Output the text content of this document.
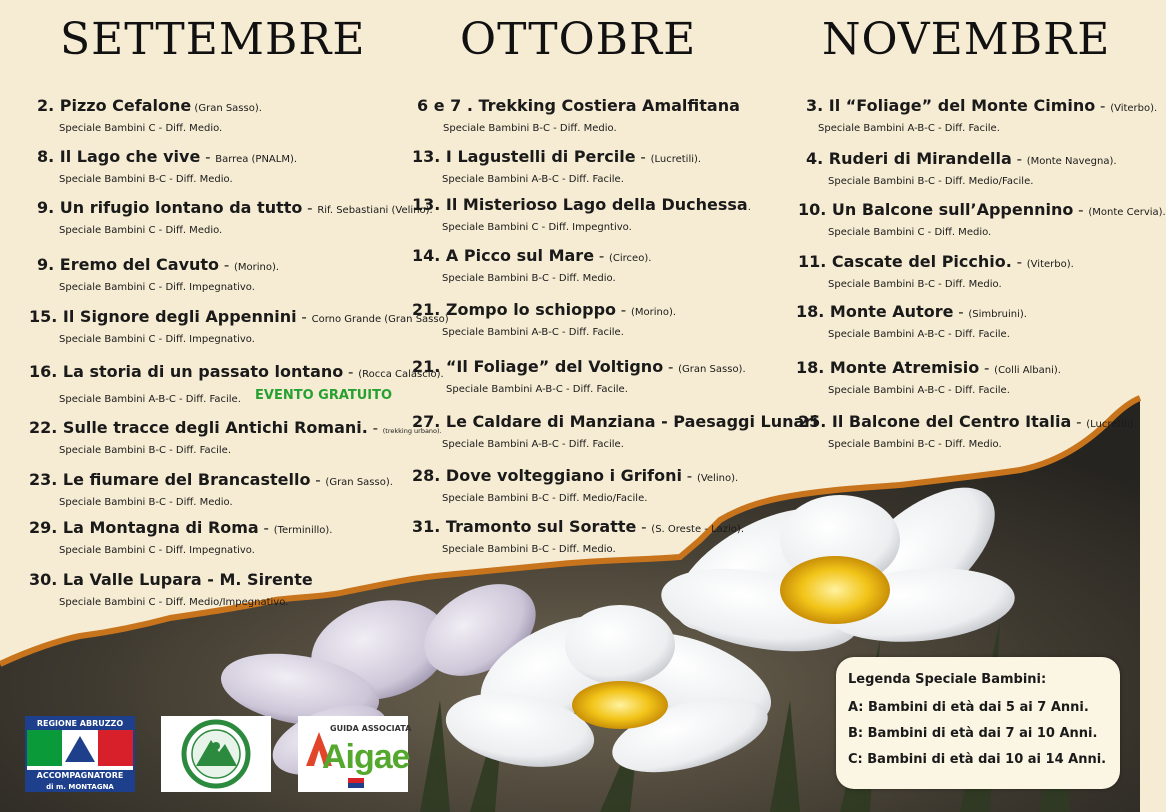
SETTEMBRE OTTOBRE	NOVEMBRE
2. Pizzo Cefalone (Gran Sasso).
Speciale Bambini C - Diff. Medio.
8. Il Lago che vive - Barrea (PNALM).
Speciale Bambini B-C - Diff. Medio.
9. Un rifugio lontano da tutto - Rif. Sebastiani (Velino).
Speciale Bambini C - Diff. Medio.
9. Eremo del Cavuto - (Morino).
Speciale Bambini C - Diff. Impegnativo.
15. Il Signore degli Appennini - Corno Grande (Gran Sasso)
Speciale Bambini C - Diff. Impegnativo.
16. La storia di un passato lontano - (Rocca Calascio).
Speciale Bambini A-B-C - Diff. Facile.	EVENTO GRATUITO
22. Sulle tracce degli Antichi Romani. - (trekking urbano).
Speciale Bambini B-C - Diff. Facile.
23. Le fiumare del Brancastello - (Gran Sasso).
Speciale Bambini B-C - Diff. Medio.
29. La Montagna di Roma - (Terminillo).
Speciale Bambini C - Diff. Impegnativo.
30. La Valle Lupara - M. Sirente
Speciale Bambini C - Diff. Medio/Impegnativo.
6 e 7 . Trekking Costiera Amalfitana
Speciale Bambini B-C - Diff. Medio.
13. I Lagustelli di Percile - (Lucretili).
Speciale Bambini A-B-C - Diff. Facile.
13. Il Misterioso Lago della Duchessa.
Speciale Bambini C - Diff. Impegntivo.
14. A Picco sul Mare - (Circeo).
Speciale Bambini B-C - Diff. Medio.
21. Zompo lo schioppo - (Morino).
Speciale Bambini A-B-C - Diff. Facile.
21. “Il Foliage” del Voltigno - (Gran Sasso).
Speciale Bambini A-B-C - Diff. Facile.
27. Le Caldare di Manziana - Paesaggi Lunari
Speciale Bambini A-B-C - Diff. Facile.
28. Dove volteggiano i Grifoni - (Velino).
Speciale Bambini B-C - Diff. Medio/Facile.
31. Tramonto sul Soratte - (S. Oreste - Lazio).
Speciale Bambini B-C - Diff. Medio.
3. Il “Foliage” del Monte Cimino - (Viterbo).
Speciale Bambini A-B-C - Diff. Facile.
4. Ruderi di Mirandella - (Monte Navegna).
Speciale Bambini B-C - Diff. Medio/Facile.
10. Un Balcone sull’Appennino - (Monte Cervia).
Speciale Bambini C - Diff. Medio.
11. Cascate del Picchio. - (Viterbo).
Speciale Bambini B-C - Diff. Medio.
18. Monte Autore - (Simbruini).
Speciale Bambini A-B-C - Diff. Facile.
18. Monte Atremisio - (Colli Albani).
Speciale Bambini A-B-C - Diff. Facile.
25. Il Balcone del Centro Italia - (Lucretili).
Speciale Bambini B-C - Diff. Medio.
Legenda Speciale Bambini:
A: Bambini di età dai 5 ai 7 Anni.
B: Bambini di età dai 7 ai 10 Anni.
C: Bambini di età dai 10 ai 14 Anni.
REGIONE ABRUZZO
ACCOMPAGNATORE
di m. MONTAGNA
GUIDA ASSOCIATA
Aigae
